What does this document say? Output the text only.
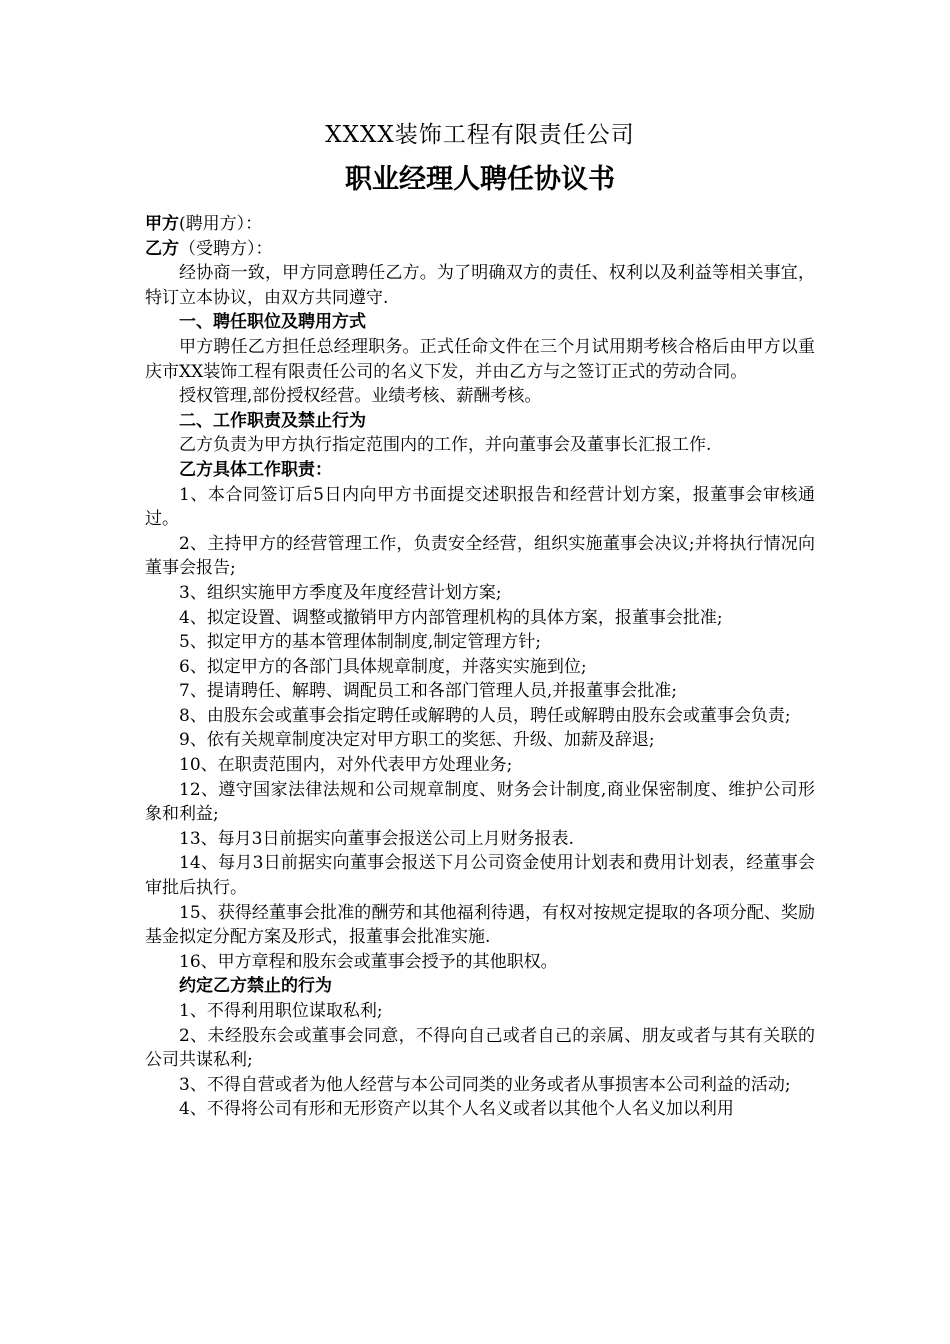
XXXX装饰工程有限责任公司

职业经理人聘任协议书

甲方(聘用方）：

乙方（受聘方）：

经协商一致，甲方同意聘任乙方。为了明确双方的责任、权利以及利益等相关事宜，特订立本协议，由双方共同遵守.

一、聘任职位及聘用方式

甲方聘任乙方担任总经理职务。正式任命文件在三个月试用期考核合格后由甲方以重庆市XX装饰工程有限责任公司的名义下发，并由乙方与之签订正式的劳动合同。

授权管理,部份授权经营。业绩考核、薪酬考核。

二、工作职责及禁止行为

乙方负责为甲方执行指定范围内的工作，并向董事会及董事长汇报工作.

乙方具体工作职责：

1、本合同签订后5日内向甲方书面提交述职报告和经营计划方案，报董事会审核通过。

2、主持甲方的经营管理工作，负责安全经营，组织实施董事会决议;并将执行情况向董事会报告;

3、组织实施甲方季度及年度经营计划方案;

4、拟定设置、调整或撤销甲方内部管理机构的具体方案，报董事会批准;

5、拟定甲方的基本管理体制制度,制定管理方针;

6、拟定甲方的各部门具体规章制度，并落实实施到位;

7、提请聘任、解聘、调配员工和各部门管理人员,并报董事会批准;

8、由股东会或董事会指定聘任或解聘的人员，聘任或解聘由股东会或董事会负责;

9、依有关规章制度决定对甲方职工的奖惩、升级、加薪及辞退;

10、在职责范围内，对外代表甲方处理业务;

12、遵守国家法律法规和公司规章制度、财务会计制度,商业保密制度、维护公司形象和利益;

13、每月3日前据实向董事会报送公司上月财务报表.

14、每月3日前据实向董事会报送下月公司资金使用计划表和费用计划表，经董事会审批后执行。

15、获得经董事会批准的酬劳和其他福利待遇，有权对按规定提取的各项分配、奖励基金拟定分配方案及形式，报董事会批准实施.

16、甲方章程和股东会或董事会授予的其他职权。

约定乙方禁止的行为

1、不得利用职位谋取私利;

2、未经股东会或董事会同意，不得向自己或者自己的亲属、朋友或者与其有关联的公司共谋私利;

3、不得自营或者为他人经营与本公司同类的业务或者从事损害本公司利益的活动;

4、不得将公司有形和无形资产以其个人名义或者以其他个人名义加以利用
